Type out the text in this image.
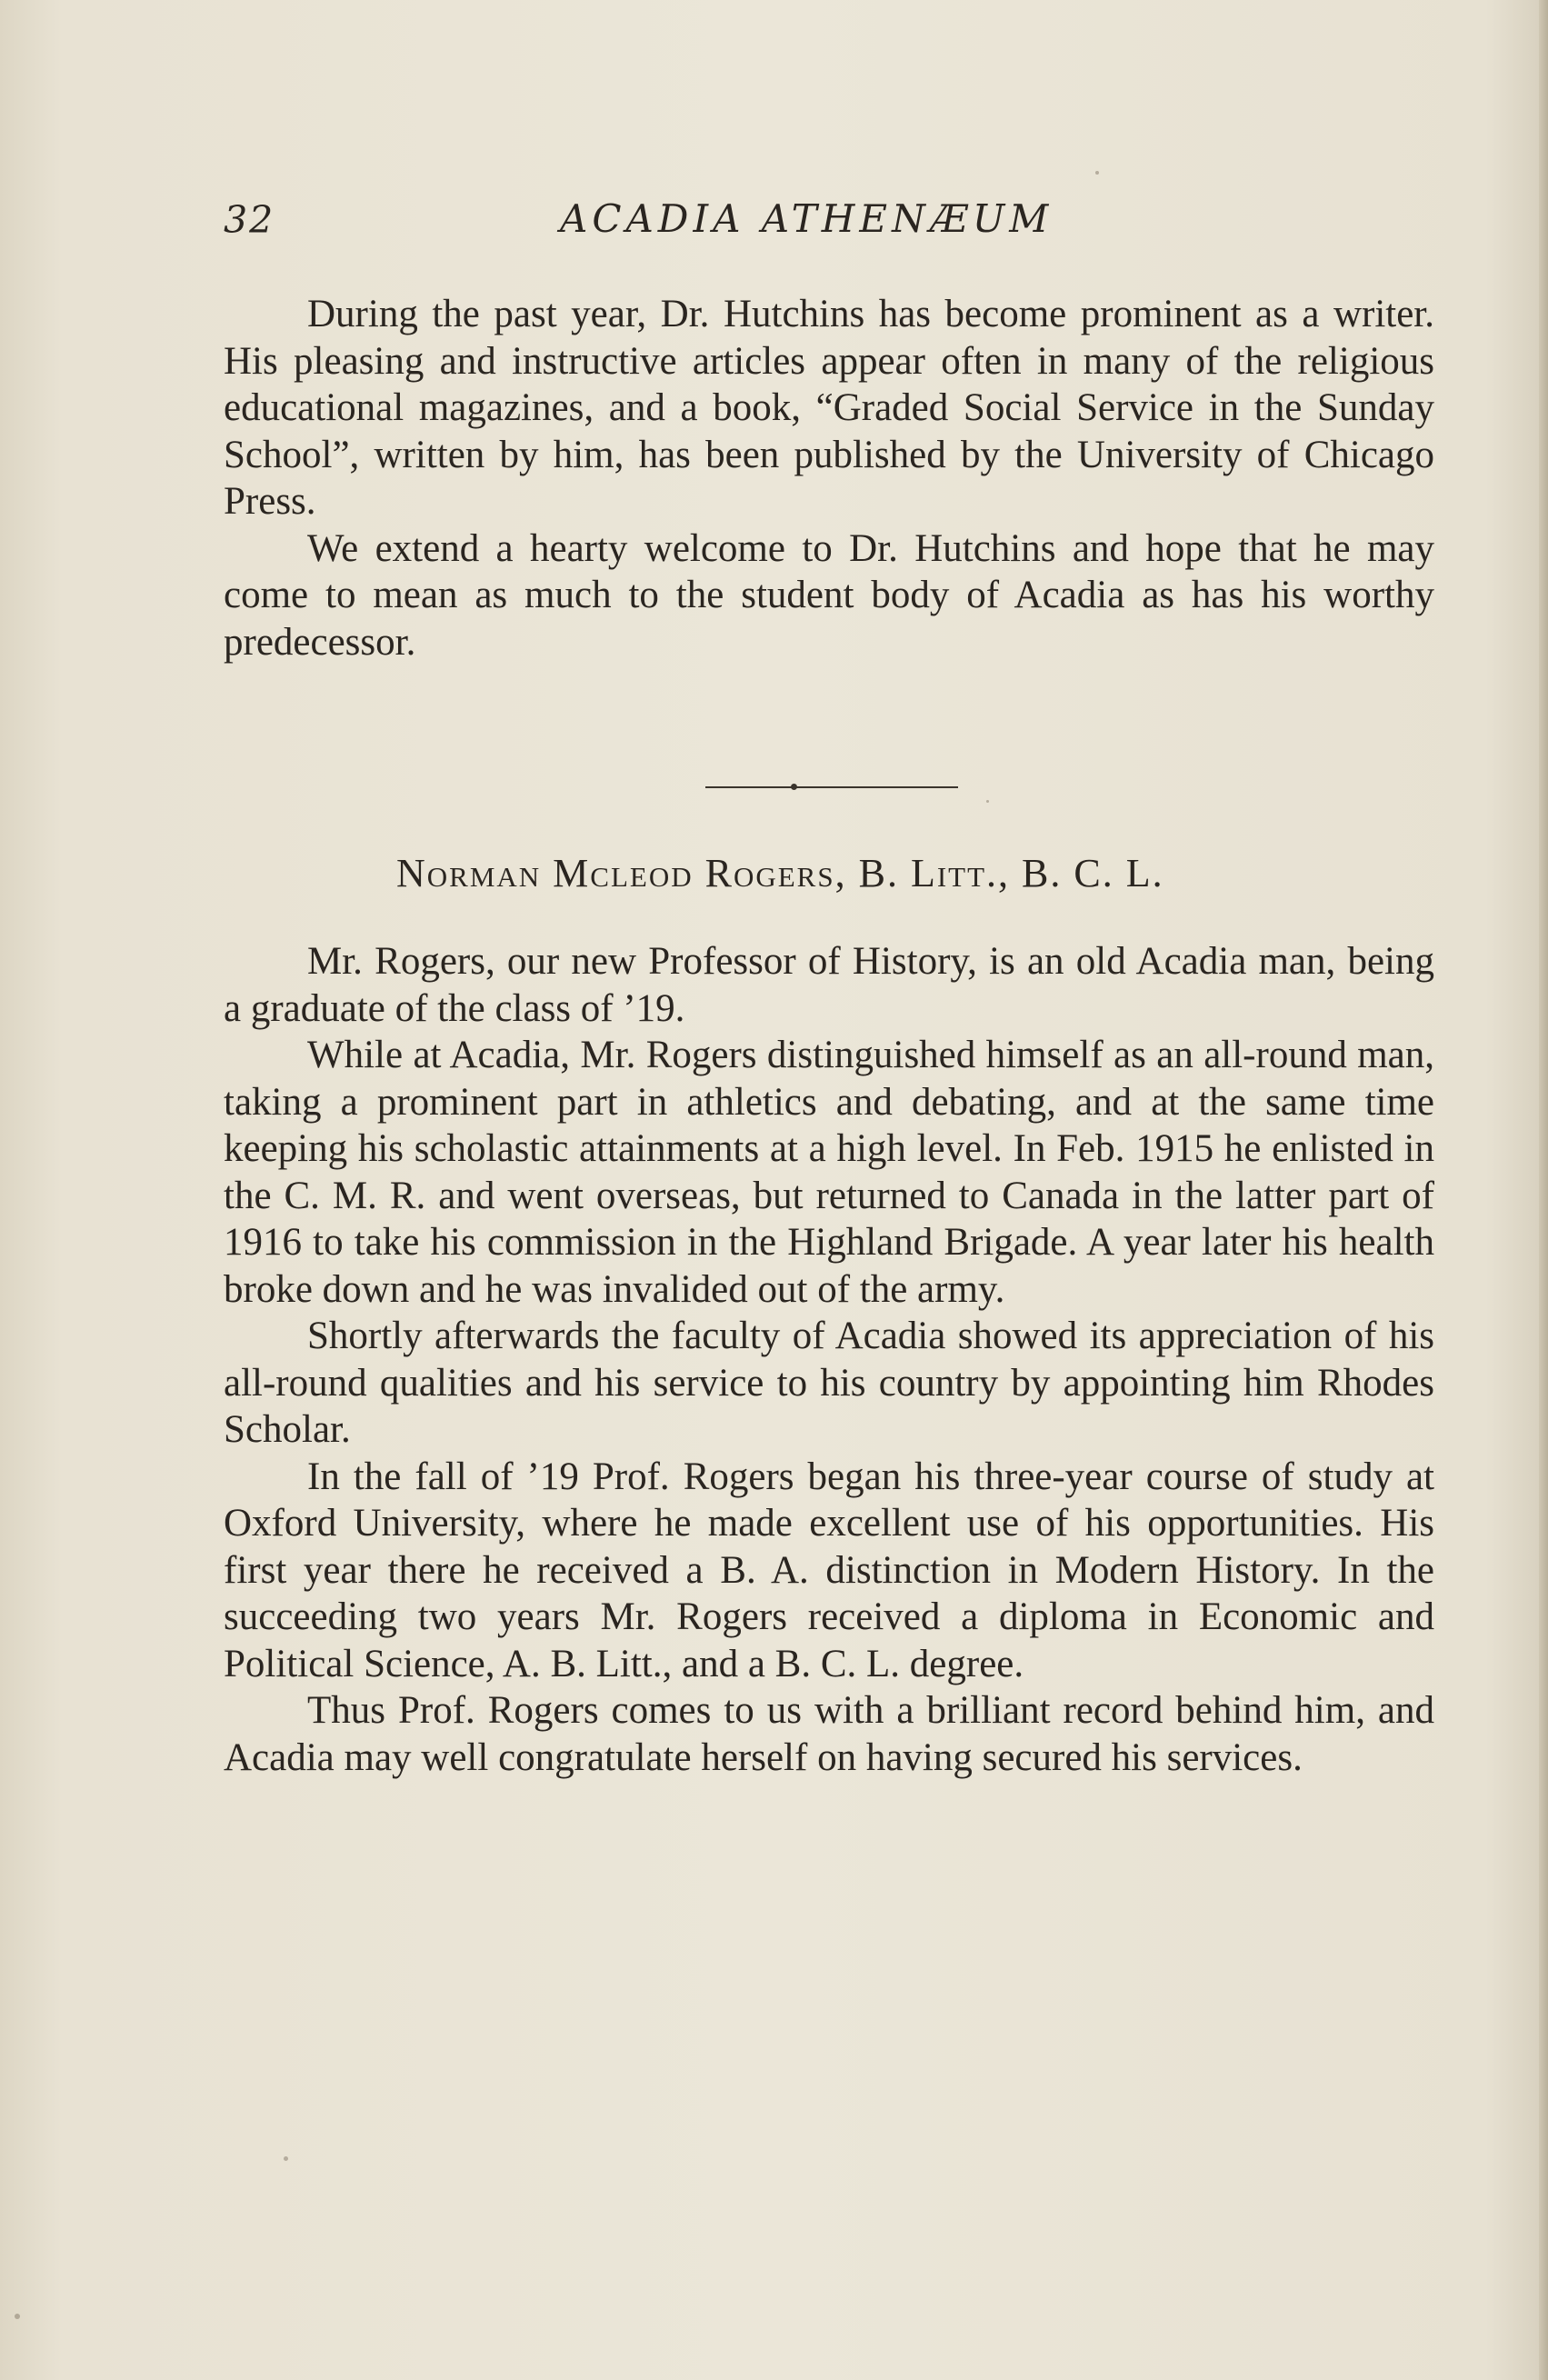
32	ACADIA ATHENÆUM

During the past year, Dr. Hutchins has become prominent as a writer. His pleasing and instructive articles appear often in many of the religious educational magazines, and a book, “Graded Social Service in the Sunday School”, written by him, has been published by the University of Chicago Press.

We extend a hearty welcome to Dr. Hutchins and hope that he may come to mean as much to the student body of Acadia as has his worthy predecessor.

Norman Mcleod Rogers, B. Litt., B. C. L.

Mr. Rogers, our new Professor of History, is an old Acadia man, being a graduate of the class of ’19.

While at Acadia, Mr. Rogers distinguished himself as an all-round man, taking a prominent part in athletics and debating, and at the same time keeping his scholastic attainments at a high level. In Feb. 1915 he enlisted in the C. M. R. and went overseas, but returned to Canada in the latter part of 1916 to take his commission in the Highland Brigade. A year later his health broke down and he was invalided out of the army.

Shortly afterwards the faculty of Acadia showed its appreciation of his all-round qualities and his service to his country by appointing him Rhodes Scholar.

In the fall of ’19 Prof. Rogers began his three-year course of study at Oxford University, where he made excellent use of his opportunities. His first year there he received a B. A. distinction in Modern History. In the succeeding two years Mr. Rogers received a diploma in Economic and Political Science, A. B. Litt., and a B. C. L. degree.

Thus Prof. Rogers comes to us with a brilliant record behind him, and Acadia may well congratulate herself on having secured his services.
